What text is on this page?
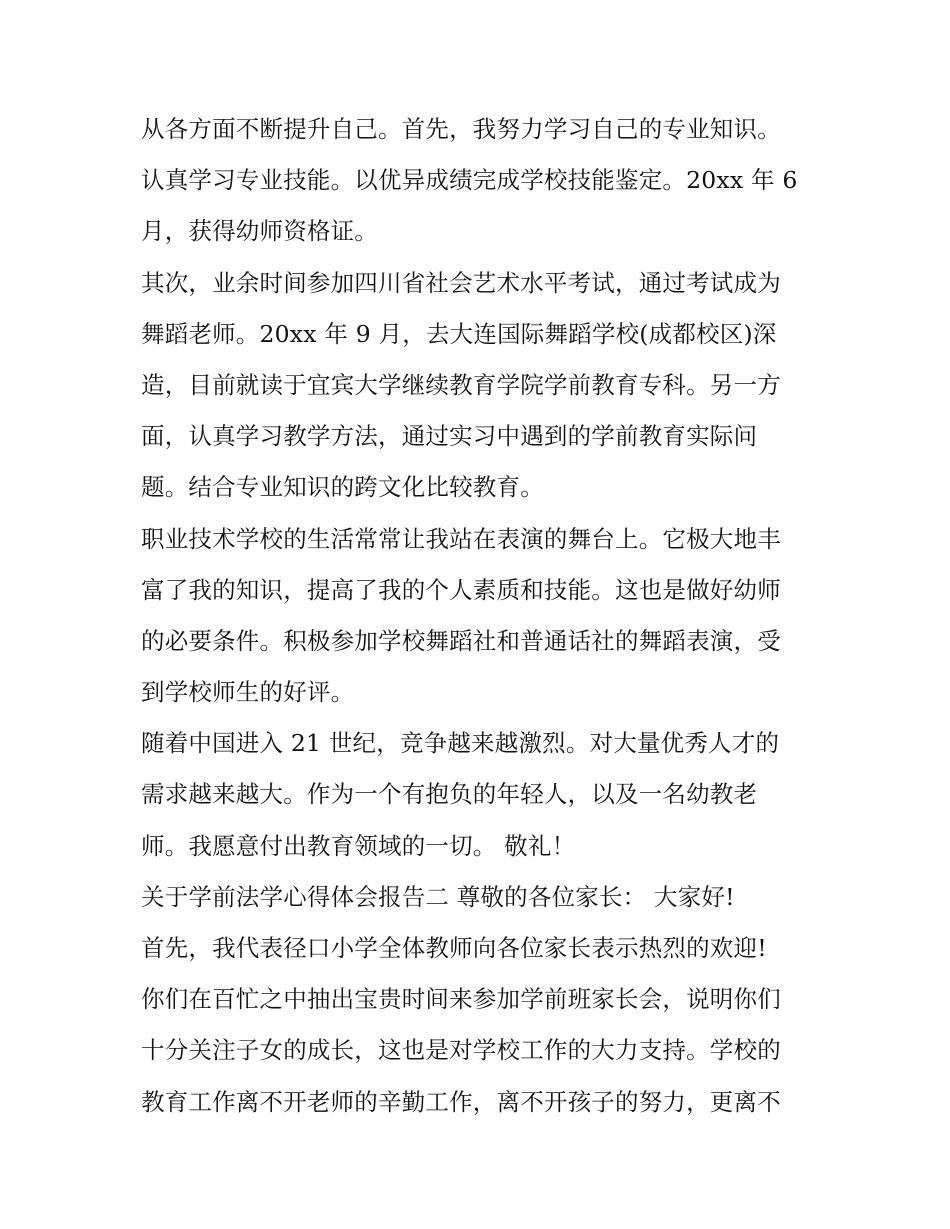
从各方面不断提升自己。首先，我努力学习自己的专业知识。
认真学习专业技能。以优异成绩完成学校技能鉴定。20xx 年 6
月，获得幼师资格证。
其次，业余时间参加四川省社会艺术水平考试，通过考试成为
舞蹈老师。20xx 年 9 月，去大连国际舞蹈学校(成都校区)深
造，目前就读于宜宾大学继续教育学院学前教育专科。另一方
面，认真学习教学方法，通过实习中遇到的学前教育实际问
题。结合专业知识的跨文化比较教育。
职业技术学校的生活常常让我站在表演的舞台上。它极大地丰
富了我的知识，提高了我的个人素质和技能。这也是做好幼师
的必要条件。积极参加学校舞蹈社和普通话社的舞蹈表演，受
到学校师生的好评。
随着中国进入 21 世纪，竞争越来越激烈。对大量优秀人才的
需求越来越大。作为一个有抱负的年轻人，以及一名幼教老
师。我愿意付出教育领域的一切。 敬礼！
关于学前法学心得体会报告二 尊敬的各位家长： 大家好!
首先，我代表径口小学全体教师向各位家长表示热烈的欢迎!
你们在百忙之中抽出宝贵时间来参加学前班家长会，说明你们
十分关注子女的成长，这也是对学校工作的大力支持。学校的
教育工作离不开老师的辛勤工作，离不开孩子的努力，更离不
